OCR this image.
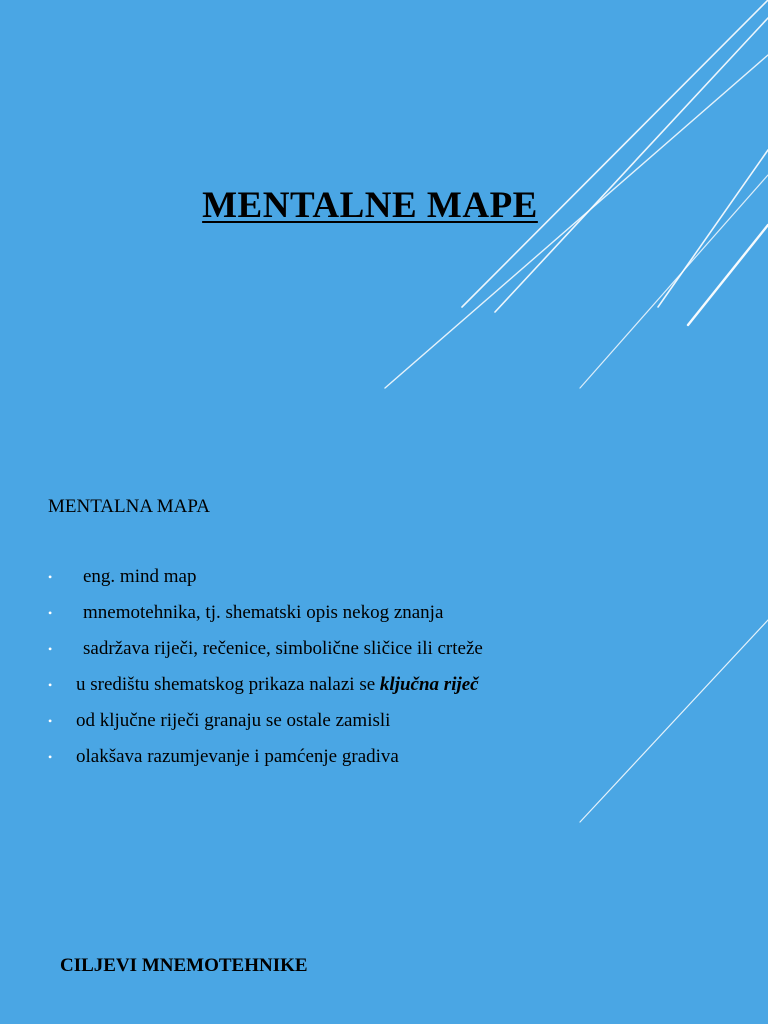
MENTALNE MAPE
MENTALNA MAPA
• eng. mind map
• mnemotehnika, tj. shematski opis nekog znanja
• sadržava riječi, rečenice, simbolične sličice ili crteže
• u središtu shematskog prikaza nalazi se ključna riječ
• od ključne riječi granaju se ostale zamisli
• olakšava razumjevanje i pamćenje gradiva
CILJEVI MNEMOTEHNIKE
